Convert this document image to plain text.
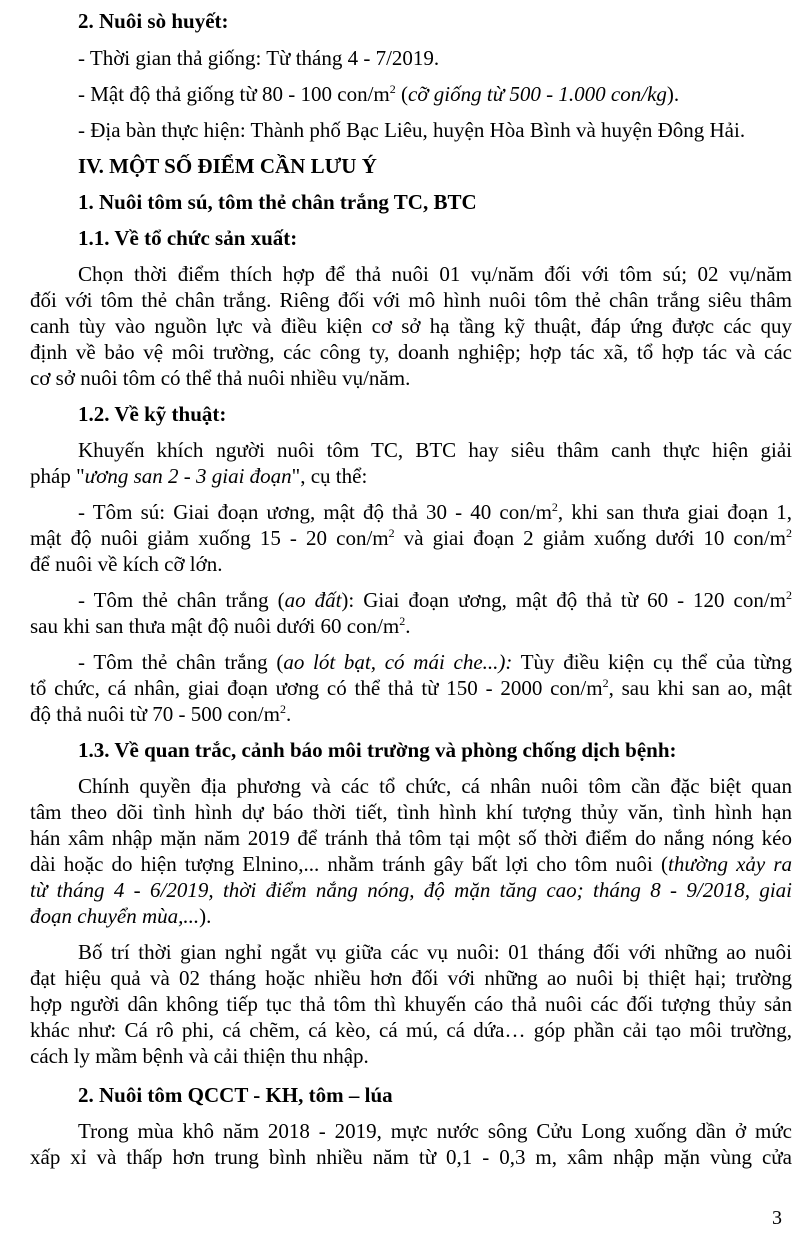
2. Nuôi sò huyết:
- Thời gian thả giống: Từ tháng 4 - 7/2019.
- Mật độ thả giống từ 80 - 100 con/$m^2$ (cỡ giống từ 500 - 1.000 con/kg).
- Địa bàn thực hiện: Thành phố Bạc Liêu, huyện Hòa Bình và huyện Đông Hải.
IV. MỘT SỐ ĐIỂM CẦN LƯU Ý
1. Nuôi tôm sú, tôm thẻ chân trắng TC, BTC
1.1. Về tổ chức sản xuất:
Chọn thời điểm thích hợp để thả nuôi 01 vụ/năm đối với tôm sú; 02 vụ/năm
đối với tôm thẻ chân trắng. Riêng đối với mô hình nuôi tôm thẻ chân trắng siêu thâm
canh tùy vào nguồn lực và điều kiện cơ sở hạ tầng kỹ thuật, đáp ứng được các quy
định về bảo vệ môi trường, các công ty, doanh nghiệp; hợp tác xã, tổ hợp tác và các
cơ sở nuôi tôm có thể thả nuôi nhiều vụ/năm.
1.2. Về kỹ thuật:
Khuyến khích người nuôi tôm TC, BTC hay siêu thâm canh thực hiện giải
pháp "ương san 2 - 3 giai đoạn", cụ thể:
- Tôm sú: Giai đoạn ương, mật độ thả 30 - 40 con/$m^2$, khi san thưa giai đoạn 1,
mật độ nuôi giảm xuống 15 - 20 con/$m^2$ và giai đoạn 2 giảm xuống dưới 10 con/$m^2$
để nuôi về kích cỡ lớn.
- Tôm thẻ chân trắng (ao đất): Giai đoạn ương, mật độ thả từ 60 - 120 con/$m^2$
sau khi san thưa mật độ nuôi dưới 60 con/$m^2$.
- Tôm thẻ chân trắng (ao lót bạt, có mái che...): Tùy điều kiện cụ thể của từng
tổ chức, cá nhân, giai đoạn ương có thể thả từ 150 - 2000 con/$m^2$, sau khi san ao, mật
độ thả nuôi từ 70 - 500 con/$m^2$.
1.3. Về quan trắc, cảnh báo môi trường và phòng chống dịch bệnh:
Chính quyền địa phương và các tổ chức, cá nhân nuôi tôm cần đặc biệt quan
tâm theo dõi tình hình dự báo thời tiết, tình hình khí tượng thủy văn, tình hình hạn
hán xâm nhập mặn năm 2019 để tránh thả tôm tại một số thời điểm do nắng nóng kéo
dài hoặc do hiện tượng Elnino,... nhằm tránh gây bất lợi cho tôm nuôi (thường xảy ra
từ tháng 4 - 6/2019, thời điểm nắng nóng, độ mặn tăng cao; tháng 8 - 9/2018, giai
đoạn chuyển mùa,...).
Bố trí thời gian nghỉ ngắt vụ giữa các vụ nuôi: 01 tháng đối với những ao nuôi
đạt hiệu quả và 02 tháng hoặc nhiều hơn đối với những ao nuôi bị thiệt hại; trường
hợp người dân không tiếp tục thả tôm thì khuyến cáo thả nuôi các đối tượng thủy sản
khác như: Cá rô phi, cá chẽm, cá kèo, cá mú, cá dứa… góp phần cải tạo môi trường,
cách ly mầm bệnh và cải thiện thu nhập.
2. Nuôi tôm QCCT - KH, tôm – lúa
Trong mùa khô năm 2018 - 2019, mực nước sông Cửu Long xuống dần ở mức
xấp xỉ và thấp hơn trung bình nhiều năm từ 0,1 - 0,3 m, xâm nhập mặn vùng cửa
3
